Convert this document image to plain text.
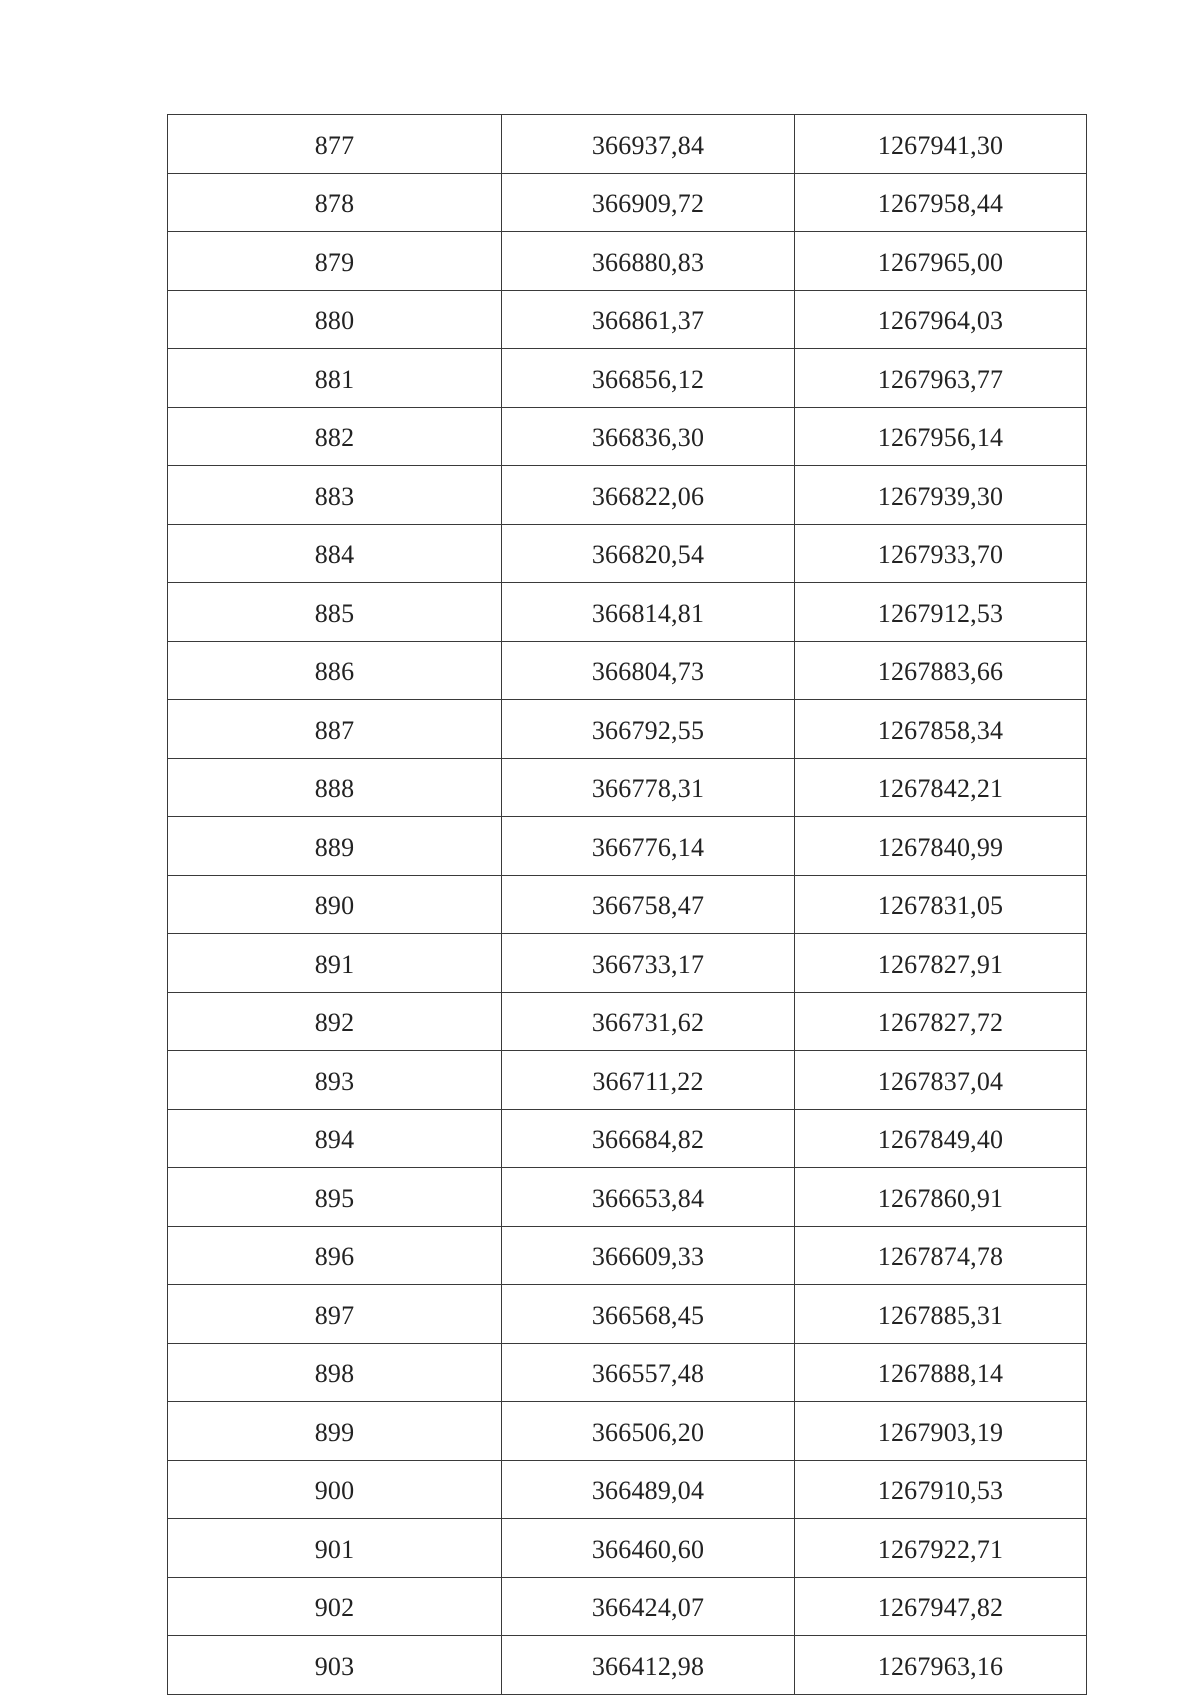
877	366937,84	1267941,30
878	366909,72	1267958,44
879	366880,83	1267965,00
880	366861,37	1267964,03
881	366856,12	1267963,77
882	366836,30	1267956,14
883	366822,06	1267939,30
884	366820,54	1267933,70
885	366814,81	1267912,53
886	366804,73	1267883,66
887	366792,55	1267858,34
888	366778,31	1267842,21
889	366776,14	1267840,99
890	366758,47	1267831,05
891	366733,17	1267827,91
892	366731,62	1267827,72
893	366711,22	1267837,04
894	366684,82	1267849,40
895	366653,84	1267860,91
896	366609,33	1267874,78
897	366568,45	1267885,31
898	366557,48	1267888,14
899	366506,20	1267903,19
900	366489,04	1267910,53
901	366460,60	1267922,71
902	366424,07	1267947,82
903	366412,98	1267963,16
